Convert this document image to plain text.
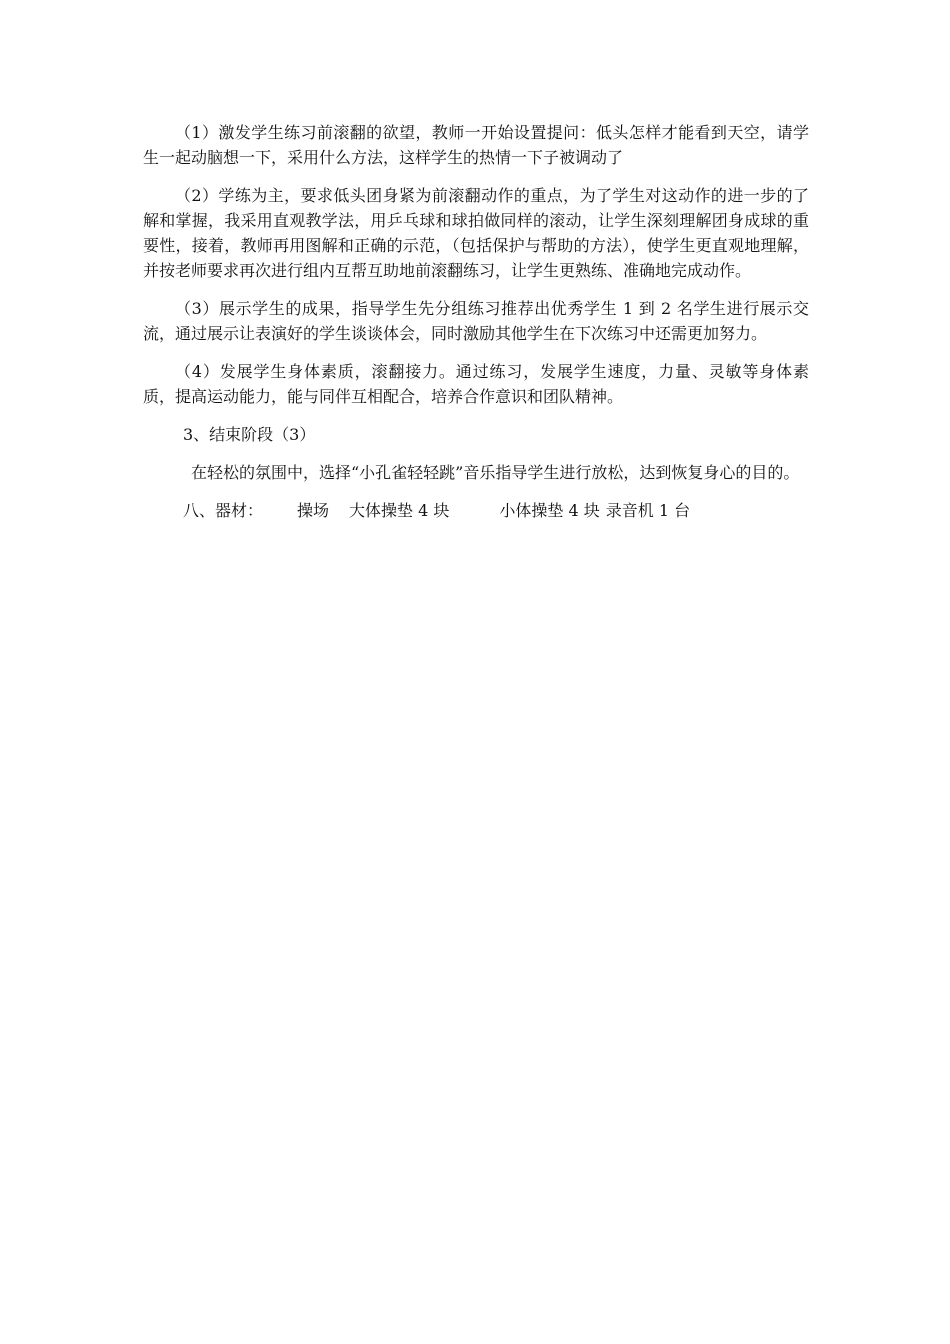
（1）激发学生练习前滚翻的欲望，教师一开始设置提问：低头怎样才能看到天空，请学生一起动脑想一下，采用什么方法，这样学生的热情一下子被调动了

（2）学练为主，要求低头团身紧为前滚翻动作的重点，为了学生对这动作的进一步的了解和掌握，我采用直观教学法，用乒乓球和球拍做同样的滚动，让学生深刻理解团身成球的重要性，接着，教师再用图解和正确的示范，（包括保护与帮助的方法），使学生更直观地理解，并按老师要求再次进行组内互帮互助地前滚翻练习，让学生更熟练、准确地完成动作。

（3）展示学生的成果，指导学生先分组练习推荐出优秀学生 1 到 2 名学生进行展示交流，通过展示让表演好的学生谈谈体会，同时激励其他学生在下次练习中还需更加努力。

（4）发展学生身体素质，滚翻接力。通过练习，发展学生速度，力量、灵敏等身体素质，提高运动能力，能与同伴互相配合，培养合作意识和团队精神。

3、结束阶段（3）

在轻松的氛围中，选择“小孔雀轻轻跳”音乐指导学生进行放松，达到恢复身心的目的。

八、器材： 操场 大体操垫 4 块	小体操垫 4 块 录音机 1 台
